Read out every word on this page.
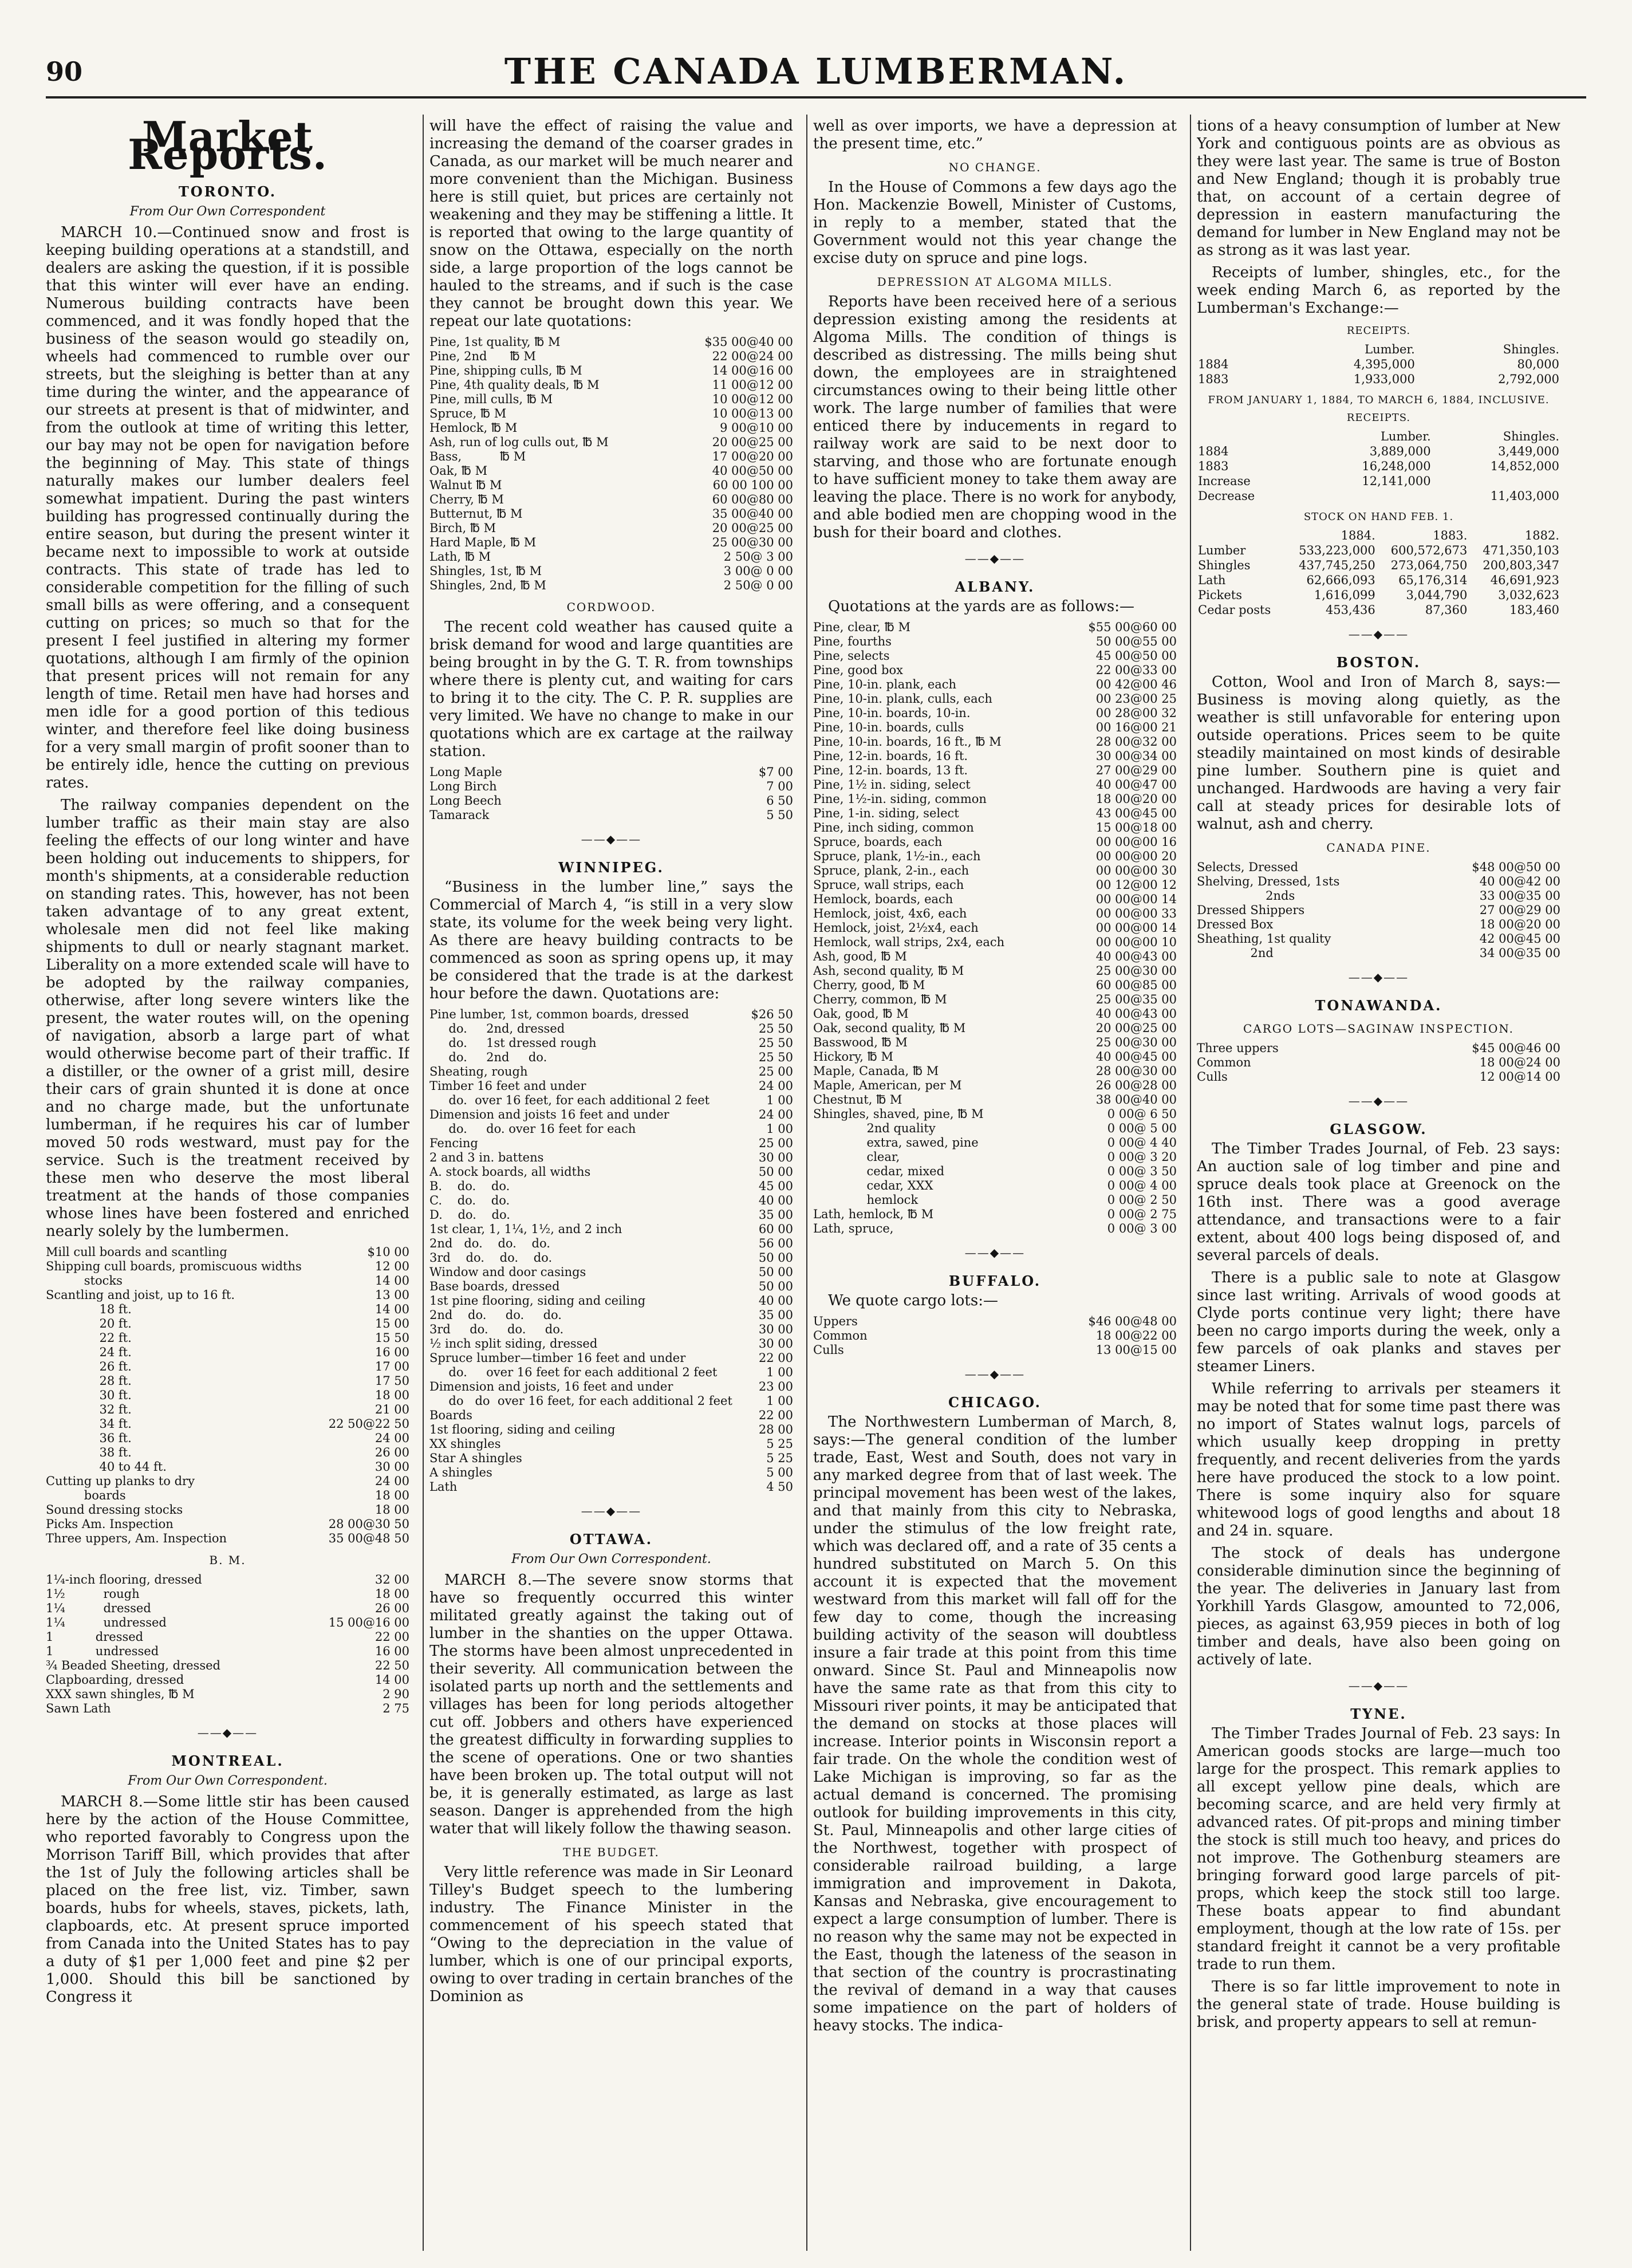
90	THE CANADA LUMBERMAN.
Market Reports.
TORONTO.
From Our Own Correspondent

MARCH 10.—Continued snow and frost is keeping building operations at a standstill, and dealers are asking the question, if it is possible that this winter will ever have an ending. Numerous building contracts have been commenced, and it was fondly hoped that the business of the season would go steadily on, wheels had commenced to rumble over our streets, but the sleighing is better than at any time during the winter, and the appearance of our streets at present is that of midwinter, and from the outlook at time of writing this letter, our bay may not be open for navigation before the beginning of May. This state of things naturally makes our lumber dealers feel somewhat impatient. During the past winters building has progressed continually during the entire season, but during the present winter it became next to impossible to work at outside contracts. This state of trade has led to considerable competition for the filling of such small bills as were offering, and a consequent cutting on prices; so much so that for the present I feel justified in altering my former quotations, although I am firmly of the opinion that present prices will not remain for any length of time. Retail men have had horses and men idle for a good portion of this tedious winter, and therefore feel like doing business for a very small margin of profit sooner than to be entirely idle, hence the cutting on previous rates.

The railway companies dependent on the lumber traffic as their main stay are also feeling the effects of our long winter and have been holding out inducements to shippers, for month's shipments, at a considerable reduction on standing rates. This, however, has not been taken advantage of to any great extent, wholesale men did not feel like making shipments to dull or nearly stagnant market. Liberality on a more extended scale will have to be adopted by the railway companies, otherwise, after long severe winters like the present, the water routes will, on the opening of navigation, absorb a large part of what would otherwise become part of their traffic. If a distiller, or the owner of a grist mill, desire their cars of grain shunted it is done at once and no charge made, but the unfortunate lumberman, if he requires his car of lumber moved 50 rods westward, must pay for the service. Such is the treatment received by these men who deserve the most liberal treatment at the hands of those companies whose lines have been fostered and enriched nearly solely by the lumbermen.

Mill cull boards and scantling	$10 00
Shipping cull boards, promiscuous widths	12 00
stocks	14 00
Scantling and joist, up to 16 ft.	13 00
18 ft.	14 00
20 ft.	15 00
22 ft.	15 50
24 ft.	16 00
26 ft.	17 00
28 ft.	17 50
30 ft.	18 00
32 ft.	21 00
34 ft.	22 50@22 50
36 ft.	24 00
38 ft.	26 00
40 to 44 ft.	30 00
Cutting up planks to dry	24 00
boards	18 00
Sound dressing stocks	18 00
Picks Am. Inspection	28 00@30 50
Three uppers, Am. Inspection	35 00@48 50
B. M.
1¼-inch flooring, dressed	32 00
1½          rough	18 00
1¼          dressed	26 00
1¼          undressed	15 00@16 00
1           dressed	22 00
1           undressed	16 00
¾ Beaded Sheeting, dressed	22 50
Clapboarding, dressed	14 00
XXX sawn shingles, ℔ M	2 90
Sawn Lath	2 75
——◆——
MONTREAL.
From Our Own Correspondent.

MARCH 8.—Some little stir has been caused here by the action of the House Committee, who reported favorably to Congress upon the Morrison Tariff Bill, which provides that after the 1st of July the following articles shall be placed on the free list, viz. Timber, sawn boards, hubs for wheels, staves, pickets, lath, clapboards, etc. At present spruce imported from Canada into the United States has to pay a duty of $1 per 1,000 feet and pine $2 per 1,000. Should this bill be sanctioned by Congress it

will have the effect of raising the value and increasing the demand of the coarser grades in Canada, as our market will be much nearer and more convenient than the Michigan. Business here is still quiet, but prices are certainly not weakening and they may be stiffening a little. It is reported that owing to the large quantity of snow on the Ottawa, especially on the north side, a large proportion of the logs cannot be hauled to the streams, and if such is the case they cannot be brought down this year. We repeat our late quotations:

Pine, 1st quality, ℔ M	$35 00@40 00
Pine, 2nd      ℔ M	22 00@24 00
Pine, shipping culls, ℔ M	14 00@16 00
Pine, 4th quality deals, ℔ M	11 00@12 00
Pine, mill culls, ℔ M	10 00@12 00
Spruce, ℔ M	10 00@13 00
Hemlock, ℔ M	9 00@10 00
Ash, run of log culls out, ℔ M	20 00@25 00
Bass,          ℔ M	17 00@20 00
Oak, ℔ M	40 00@50 00
Walnut ℔ M	60 00 100 00
Cherry, ℔ M	60 00@80 00
Butternut, ℔ M	35 00@40 00
Birch, ℔ M	20 00@25 00
Hard Maple, ℔ M	25 00@30 00
Lath, ℔ M	2 50@ 3 00
Shingles, 1st, ℔ M	3 00@ 0 00
Shingles, 2nd, ℔ M	2 50@ 0 00
CORDWOOD.

The recent cold weather has caused quite a brisk demand for wood and large quantities are being brought in by the G. T. R. from townships where there is plenty cut, and waiting for cars to bring it to the city. The C. P. R. supplies are very limited. We have no change to make in our quotations which are ex cartage at the railway station.

Long Maple	$7 00
Long Birch	7 00
Long Beech	6 50
Tamarack	5 50
——◆——
WINNIPEG.

“Business in the lumber line,” says the Commercial of March 4, “is still in a very slow state, its volume for the week being very light. As there are heavy building contracts to be commenced as soon as spring opens up, it may be considered that the trade is at the darkest hour before the dawn. Quotations are:

Pine lumber, 1st, common boards, dressed	$26 50
do.     2nd, dressed	25 50
do.     1st dressed rough	25 50
do.     2nd     do.	25 50
Sheating, rough	25 00
Timber 16 feet and under	24 00
do.  over 16 feet, for each additional 2 feet	1 00
Dimension and joists 16 feet and under	24 00
do.     do. over 16 feet for each	1 00
Fencing	25 00
2 and 3 in. battens	30 00
A. stock boards, all widths	50 00
B.    do.    do.	45 00
C.    do.    do.	40 00
D.    do.    do.	35 00
1st clear, 1, 1¼, 1½, and 2 inch	60 00
2nd   do.    do.    do.	56 00
3rd    do.    do.    do.	50 00
Window and door casings	50 00
Base boards, dressed	50 00
1st pine flooring, siding and ceiling	40 00
2nd    do.     do.     do.	35 00
3rd     do.     do.     do.	30 00
½ inch split siding, dressed	30 00
Spruce lumber—timber 16 feet and under	22 00
do.     over 16 feet for each additional 2 feet	1 00
Dimension and joists, 16 feet and under	23 00
do   do  over 16 feet, for each additional 2 feet	1 00
Boards	22 00
1st flooring, siding and ceiling	28 00
XX shingles	5 25
Star A shingles	5 25
A shingles	5 00
Lath	4 50
——◆——
OTTAWA.
From Our Own Correspondent.

MARCH 8.—The severe snow storms that have so frequently occurred this winter militated greatly against the taking out of lumber in the shanties on the upper Ottawa. The storms have been almost unprecedented in their severity. All communication between the isolated parts up north and the settlements and villages has been for long periods altogether cut off. Jobbers and others have experienced the greatest difficulty in forwarding supplies to the scene of operations. One or two shanties have been broken up. The total output will not be, it is generally estimated, as large as last season. Danger is apprehended from the high water that will likely follow the thawing season.

THE BUDGET.

Very little reference was made in Sir Leonard Tilley's Budget speech to the lumbering industry. The Finance Minister in the commencement of his speech stated that “Owing to the depreciation in the value of lumber, which is one of our principal exports, owing to over trading in certain branches of the Dominion as

well as over imports, we have a depression at the present time, etc.”

NO CHANGE.

In the House of Commons a few days ago the Hon. Mackenzie Bowell, Minister of Customs, in reply to a member, stated that the Government would not this year change the excise duty on spruce and pine logs.

DEPRESSION AT ALGOMA MILLS.

Reports have been received here of a serious depression existing among the residents at Algoma Mills. The condition of things is described as distressing. The mills being shut down, the employees are in straightened circumstances owing to their being little other work. The large number of families that were enticed there by inducements in regard to railway work are said to be next door to starving, and those who are fortunate enough to have sufficient money to take them away are leaving the place. There is no work for anybody, and able bodied men are chopping wood in the bush for their board and clothes.

——◆——
ALBANY.

Quotations at the yards are as follows:—

Pine, clear, ℔ M	$55 00@60 00
Pine, fourths	50 00@55 00
Pine, selects	45 00@50 00
Pine, good box	22 00@33 00
Pine, 10-in. plank, each	00 42@00 46
Pine, 10-in. plank, culls, each	00 23@00 25
Pine, 10-in. boards, 10-in.	00 28@00 32
Pine, 10-in. boards, culls	00 16@00 21
Pine, 10-in. boards, 16 ft., ℔ M	28 00@32 00
Pine, 12-in. boards, 16 ft.	30 00@34 00
Pine, 12-in. boards, 13 ft.	27 00@29 00
Pine, 1½ in. siding, select	40 00@47 00
Pine, 1½-in. siding, common	18 00@20 00
Pine, 1-in. siding, select	43 00@45 00
Pine, inch siding, common	15 00@18 00
Spruce, boards, each	00 00@00 16
Spruce, plank, 1½-in., each	00 00@00 20
Spruce, plank, 2-in., each	00 00@00 30
Spruce, wall strips, each	00 12@00 12
Hemlock, boards, each	00 00@00 14
Hemlock, joist, 4x6, each	00 00@00 33
Hemlock, joist, 2½x4, each	00 00@00 14
Hemlock, wall strips, 2x4, each	00 00@00 10
Ash, good, ℔ M	40 00@43 00
Ash, second quality, ℔ M	25 00@30 00
Cherry, good, ℔ M	60 00@85 00
Cherry, common, ℔ M	25 00@35 00
Oak, good, ℔ M	40 00@43 00
Oak, second quality, ℔ M	20 00@25 00
Basswood, ℔ M	25 00@30 00
Hickory, ℔ M	40 00@45 00
Maple, Canada, ℔ M	28 00@30 00
Maple, American, per M	26 00@28 00
Chestnut, ℔ M	38 00@40 00
Shingles, shaved, pine, ℔ M	0 00@ 6 50
2nd quality	0 00@ 5 00
extra, sawed, pine	0 00@ 4 40
clear,	0 00@ 3 20
cedar, mixed	0 00@ 3 50
cedar, XXX	0 00@ 4 00
hemlock	0 00@ 2 50
Lath, hemlock, ℔ M	0 00@ 2 75
Lath, spruce,	0 00@ 3 00
——◆——
BUFFALO.

We quote cargo lots:—

Uppers	$46 00@48 00
Common	18 00@22 00
Culls	13 00@15 00
——◆——
CHICAGO.

The Northwestern Lumberman of March, 8, says:—The general condition of the lumber trade, East, West and South, does not vary in any marked degree from that of last week. The principal movement has been west of the lakes, and that mainly from this city to Nebraska, under the stimulus of the low freight rate, which was declared off, and a rate of 35 cents a hundred substituted on March 5. On this account it is expected that the movement westward from this market will fall off for the few day to come, though the increasing building activity of the season will doubtless insure a fair trade at this point from this time onward. Since St. Paul and Minneapolis now have the same rate as that from this city to Missouri river points, it may be anticipated that the demand on stocks at those places will increase. Interior points in Wisconsin report a fair trade. On the whole the condition west of Lake Michigan is improving, so far as the actual demand is concerned. The promising outlook for building improvements in this city, St. Paul, Minneapolis and other large cities of the Northwest, together with prospect of considerable railroad building, a large immigration and improvement in Dakota, Kansas and Nebraska, give encouragement to expect a large consumption of lumber. There is no reason why the same may not be expected in the East, though the lateness of the season in that section of the country is procrastinating the revival of demand in a way that causes some impatience on the part of holders of heavy stocks. The indica-

tions of a heavy consumption of lumber at New York and contiguous points are as obvious as they were last year. The same is true of Boston and New England; though it is probably true that, on account of a certain degree of depression in eastern manufacturing the demand for lumber in New England may not be as strong as it was last year.

Receipts of lumber, shingles, etc., for the week ending March 6, as reported by the Lumberman's Exchange:—

RECEIPTS.
	Lumber.	Shingles.
1884	4,395,000	80,000
1883	1,933,000	2,792,000
FROM JANUARY 1, 1884, TO MARCH 6, 1884, INCLUSIVE.
RECEIPTS.
	Lumber.	Shingles.
1884	3,889,000	3,449,000
1883	16,248,000	14,852,000
Increase	12,141,000	
Decrease		11,403,000
STOCK ON HAND FEB. 1.
	1884.	1883.	1882.
Lumber	533,223,000	600,572,673	471,350,103
Shingles	437,745,250	273,064,750	200,803,347
Lath	62,666,093	65,176,314	46,691,923
Pickets	1,616,099	3,044,790	3,032,623
Cedar posts	453,436	87,360	183,460
——◆——
BOSTON.

Cotton, Wool and Iron of March 8, says:—Business is moving along quietly, as the weather is still unfavorable for entering upon outside operations. Prices seem to be quite steadily maintained on most kinds of desirable pine lumber. Southern pine is quiet and unchanged. Hardwoods are having a very fair call at steady prices for desirable lots of walnut, ash and cherry.

CANADA PINE.
Selects, Dressed	$48 00@50 00
Shelving, Dressed, 1sts	40 00@42 00
2nds	33 00@35 00
Dressed Shippers	27 00@29 00
Dressed Box	18 00@20 00
Sheathing, 1st quality	42 00@45 00
2nd	34 00@35 00
——◆——
TONAWANDA.
CARGO LOTS—SAGINAW INSPECTION.
Three uppers	$45 00@46 00
Common	18 00@24 00
Culls	12 00@14 00
——◆——
GLASGOW.

The Timber Trades Journal, of Feb. 23 says: An auction sale of log timber and pine and spruce deals took place at Greenock on the 16th inst. There was a good average attendance, and transactions were to a fair extent, about 400 logs being disposed of, and several parcels of deals.

There is a public sale to note at Glasgow since last writing. Arrivals of wood goods at Clyde ports continue very light; there have been no cargo imports during the week, only a few parcels of oak planks and staves per steamer Liners.

While referring to arrivals per steamers it may be noted that for some time past there was no import of States walnut logs, parcels of which usually keep dropping in pretty frequently, and recent deliveries from the yards here have produced the stock to a low point. There is some inquiry also for square whitewood logs of good lengths and about 18 and 24 in. square.

The stock of deals has undergone considerable diminution since the beginning of the year. The deliveries in January last from Yorkhill Yards Glasgow, amounted to 72,006, pieces, as against 63,959 pieces in both of log timber and deals, have also been going on actively of late.

——◆——
TYNE.

The Timber Trades Journal of Feb. 23 says: In American goods stocks are large—much too large for the prospect. This remark applies to all except yellow pine deals, which are becoming scarce, and are held very firmly at advanced rates. Of pit-props and mining timber the stock is still much too heavy, and prices do not improve. The Gothenburg steamers are bringing forward good large parcels of pit-props, which keep the stock still too large. These boats appear to find abundant employment, though at the low rate of 15s. per standard freight it cannot be a very profitable trade to run them.

There is so far little improvement to note in the general state of trade. House building is brisk, and property appears to sell at remun-
